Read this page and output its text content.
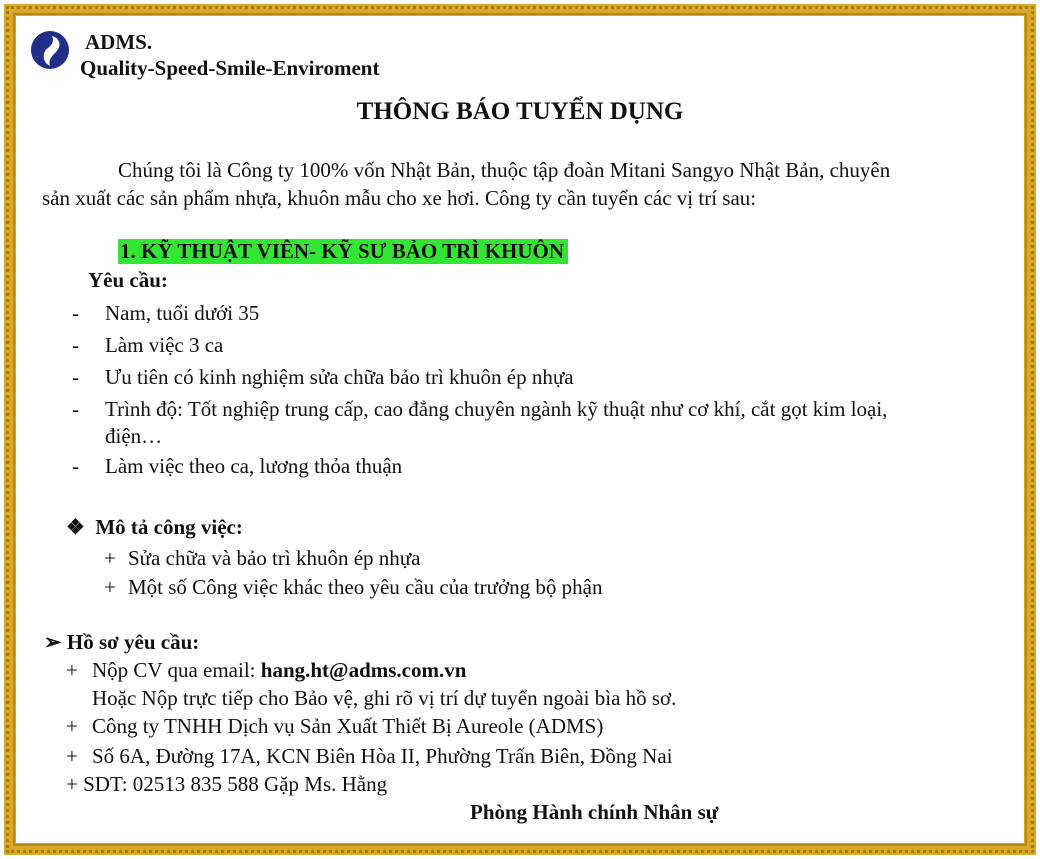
ADMS.
Quality-Speed-Smile-Enviroment
THÔNG BÁO TUYỂN DỤNG
Chúng tôi là Công ty 100% vốn Nhật Bản, thuộc tập đoàn Mitani Sangyo Nhật Bản, chuyên
sản xuất các sản phẩm nhựa, khuôn mẫu cho xe hơi. Công ty cần tuyển các vị trí sau:
1. KỸ THUẬT VIÊN- KỸ SƯ BẢO TRÌ KHUÔN
Yêu cầu:
- Nam, tuổi dưới 35
- Làm việc 3 ca
- Ưu tiên có kinh nghiệm sửa chữa bảo trì khuôn ép nhựa
- Trình độ: Tốt nghiệp trung cấp, cao đẳng chuyên ngành kỹ thuật như cơ khí, cắt gọt kim loại,
điện…
- Làm việc theo ca, lương thỏa thuận
❖ Mô tả công việc:
+ Sửa chữa và bảo trì khuôn ép nhựa
+ Một số Công việc khác theo yêu cầu của trưởng bộ phận
➢ Hồ sơ yêu cầu:
+ Nộp CV qua email: hang.ht@adms.com.vn
Hoặc Nộp trực tiếp cho Bảo vệ, ghi rõ vị trí dự tuyển ngoài bìa hồ sơ.
+ Công ty TNHH Dịch vụ Sản Xuất Thiết Bị Aureole (ADMS)
+ Số 6A, Đường 17A, KCN Biên Hòa II, Phường Trấn Biên, Đồng Nai
+ SDT: 02513 835 588 Gặp Ms. Hằng
Phòng Hành chính Nhân sự
